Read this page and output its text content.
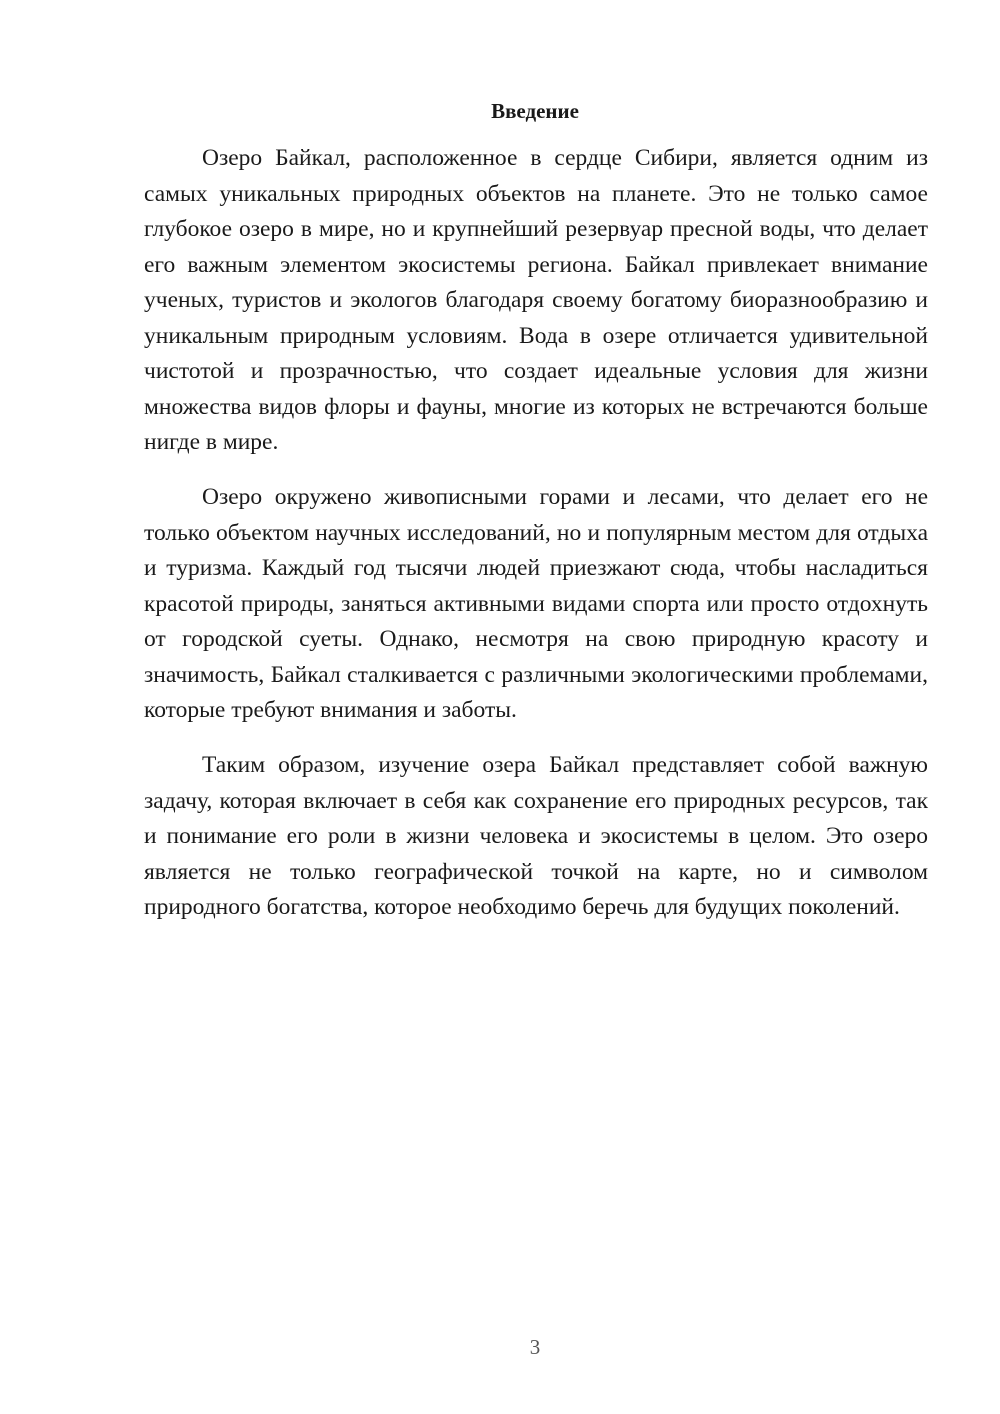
Введение

Озеро Байкал, расположенное в сердце Сибири, является одним из самых уникальных природных объектов на планете. Это не только самое глубокое озеро в мире, но и крупнейший резервуар пресной воды, что делает его важным элементом экосистемы региона. Байкал привлекает внимание ученых, туристов и экологов благодаря своему богатому биоразнообразию и уникальным природным условиям. Вода в озере отличается удивительной чистотой и прозрачностью, что создает идеальные условия для жизни множества видов флоры и фауны, многие из которых не встречаются больше нигде в мире.

Озеро окружено живописными горами и лесами, что делает его не только объектом научных исследований, но и популярным местом для отдыха и туризма. Каждый год тысячи людей приезжают сюда, чтобы насладиться красотой природы, заняться активными видами спорта или просто отдохнуть от городской суеты. Однако, несмотря на свою природную красоту и значимость, Байкал сталкивается с различными экологическими проблемами, которые требуют внимания и заботы.

Таким образом, изучение озера Байкал представляет собой важную задачу, которая включает в себя как сохранение его природных ресурсов, так и понимание его роли в жизни человека и экосистемы в целом. Это озеро является не только географической точкой на карте, но и символом природного богатства, которое необходимо беречь для будущих поколений.

3
